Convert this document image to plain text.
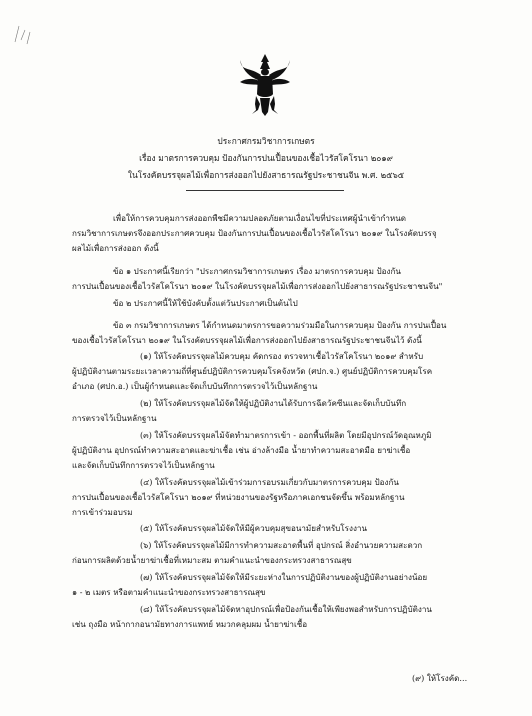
ประกาศกรมวิชาการเกษตร
เรื่อง มาตรการควบคุม ป้องกันการปนเปื้อนของเชื้อไวรัสโคโรนา ๒๐๑๙
ในโรงคัดบรรจุผลไม้เพื่อการส่งออกไปยังสาธารณรัฐประชาชนจีน พ.ศ. ๒๕๖๕
เพื่อให้การควบคุมการส่งออกพืชมีความปลอดภัยตามเงื่อนไขที่ประเทศผู้นำเข้ากำหนด
กรมวิชาการเกษตรจึงออกประกาศควบคุม ป้องกันการปนเปื้อนของเชื้อไวรัสโคโรนา ๒๐๑๙ ในโรงคัดบรรจุ
ผลไม้เพื่อการส่งออก ดังนี้
ข้อ ๑ ประกาศนี้เรียกว่า "ประกาศกรมวิชาการเกษตร เรื่อง มาตรการควบคุม ป้องกัน
การปนเปื้อนของเชื้อไวรัสโคโรนา ๒๐๑๙ ในโรงคัดบรรจุผลไม้เพื่อการส่งออกไปยังสาธารณรัฐประชาชนจีน"
ข้อ ๒ ประกาศนี้ให้ใช้บังคับตั้งแต่วันประกาศเป็นต้นไป
ข้อ ๓ กรมวิชาการเกษตร ได้กำหนดมาตรการขอความร่วมมือในการควบคุม ป้องกัน การปนเปื้อน
ของเชื้อไวรัสโคโรนา ๒๐๑๙ ในโรงคัดบรรจุผลไม้เพื่อการส่งออกไปยังสาธารณรัฐประชาชนจีนไว้ ดังนี้
(๑) ให้โรงคัดบรรจุผลไม้ควบคุม คัดกรอง ตรวจหาเชื้อไวรัสโคโรนา ๒๐๑๙ สำหรับ
ผู้ปฏิบัติงานตามระยะเวลาความถี่ที่ศูนย์ปฏิบัติการควบคุมโรคจังหวัด (ศปก.จ.) ศูนย์ปฏิบัติการควบคุมโรค
อำเภอ (ศปก.อ.) เป็นผู้กำหนดและจัดเก็บบันทึกการตรวจไว้เป็นหลักฐาน
(๒) ให้โรงคัดบรรจุผลไม้จัดให้ผู้ปฏิบัติงานได้รับการฉีดวัคซีนและจัดเก็บบันทึก
การตรวจไว้เป็นหลักฐาน
(๓) ให้โรงคัดบรรจุผลไม้จัดทำมาตรการเข้า - ออกพื้นที่ผลิต โดยมีอุปกรณ์วัดอุณหภูมิ
ผู้ปฏิบัติงาน อุปกรณ์ทำความสะอาดและฆ่าเชื้อ เช่น อ่างล้างมือ น้ำยาทำความสะอาดมือ ยาฆ่าเชื้อ
และจัดเก็บบันทึกการตรวจไว้เป็นหลักฐาน
(๔) ให้โรงคัดบรรจุผลไม้เข้าร่วมการอบรมเกี่ยวกับมาตรการควบคุม ป้องกัน
การปนเปื้อนของเชื้อไวรัสโคโรนา ๒๐๑๙ ที่หน่วยงานของรัฐหรือภาคเอกชนจัดขึ้น พร้อมหลักฐาน
การเข้าร่วมอบรม
(๕) ให้โรงคัดบรรจุผลไม้จัดให้มีผู้ควบคุมสุขอนามัยสำหรับโรงงาน
(๖) ให้โรงคัดบรรจุผลไม้มีการทำความสะอาดพื้นที่ อุปกรณ์ สิ่งอำนวยความสะดวก
ก่อนการผลิตด้วยน้ำยาฆ่าเชื้อที่เหมาะสม ตามคำแนะนำของกระทรวงสาธารณสุข
(๗) ให้โรงคัดบรรจุผลไม้จัดให้มีระยะห่างในการปฏิบัติงานของผู้ปฏิบัติงานอย่างน้อย
๑ - ๒ เมตร หรือตามคำแนะนำของกระทรวงสาธารณสุข
(๘) ให้โรงคัดบรรจุผลไม้จัดหาอุปกรณ์เพื่อป้องกันเชื้อให้เพียงพอสำหรับการปฏิบัติงาน
เช่น ถุงมือ หน้ากากอนามัยทางการแพทย์ หมวกคลุมผม น้ำยาฆ่าเชื้อ
(๙) ให้โรงคัด...
